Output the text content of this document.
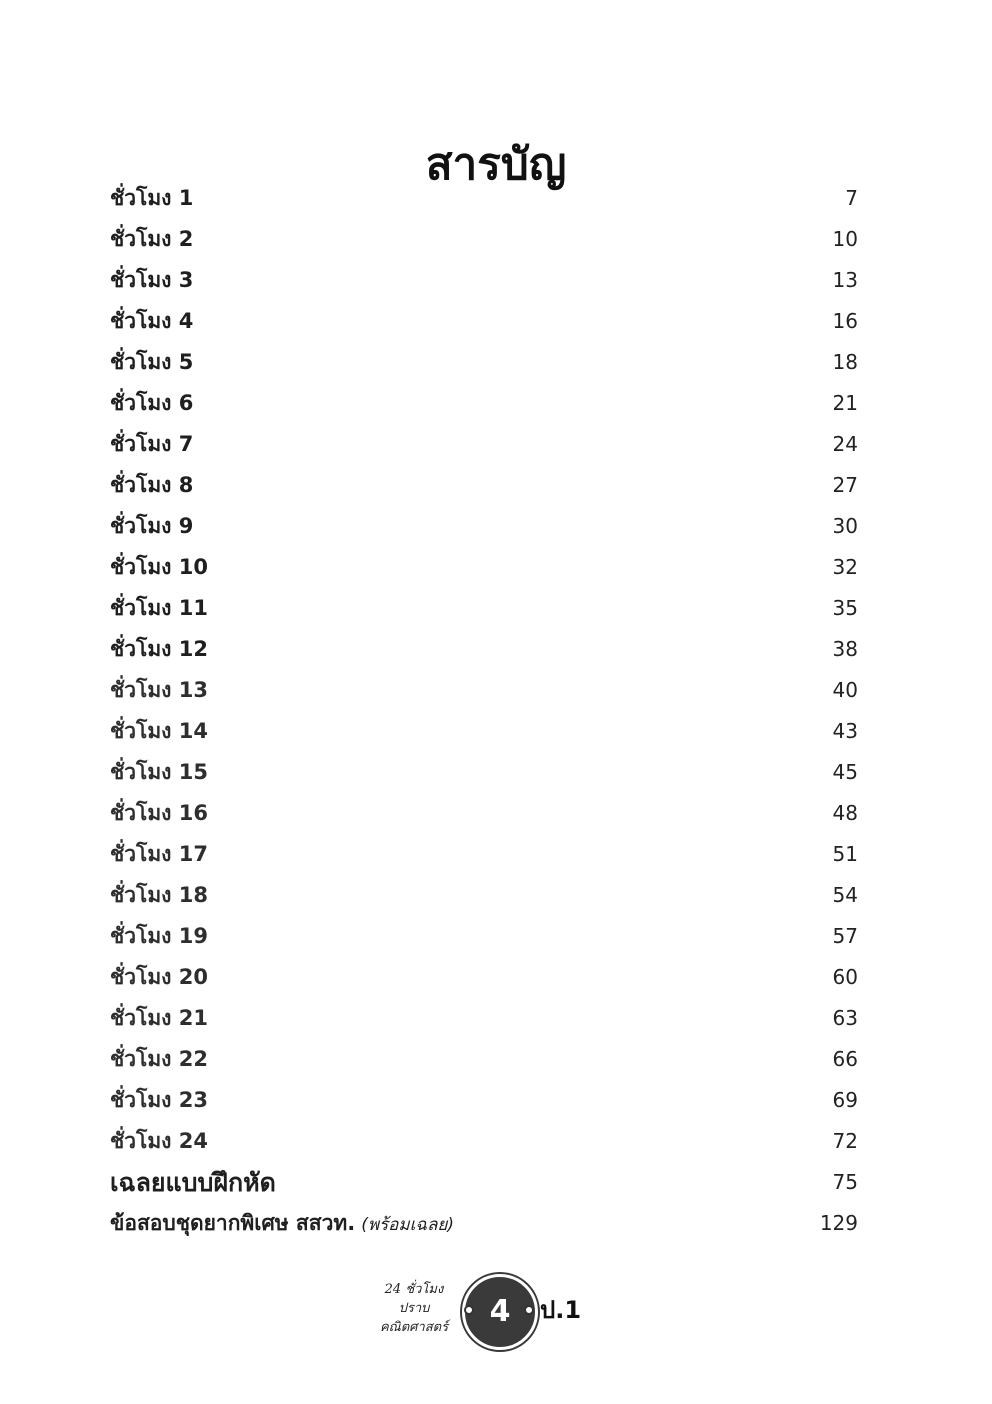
สารบัญ
ชั่วโมง 1	7
ชั่วโมง 2	10
ชั่วโมง 3	13
ชั่วโมง 4	16
ชั่วโมง 5	18
ชั่วโมง 6	21
ชั่วโมง 7	24
ชั่วโมง 8	27
ชั่วโมง 9	30
ชั่วโมง 10	32
ชั่วโมง 11	35
ชั่วโมง 12	38
ชั่วโมง 13	40
ชั่วโมง 14	43
ชั่วโมง 15	45
ชั่วโมง 16	48
ชั่วโมง 17	51
ชั่วโมง 18	54
ชั่วโมง 19	57
ชั่วโมง 20	60
ชั่วโมง 21	63
ชั่วโมง 22	66
ชั่วโมง 23	69
ชั่วโมง 24	72
เฉลยแบบฝึกหัด	75
ข้อสอบชุดยากพิเศษ สสวท. (พร้อมเฉลย)	129
24 ชั่วโมง
ปราบ
คณิตศาสตร์	4	ป.1
